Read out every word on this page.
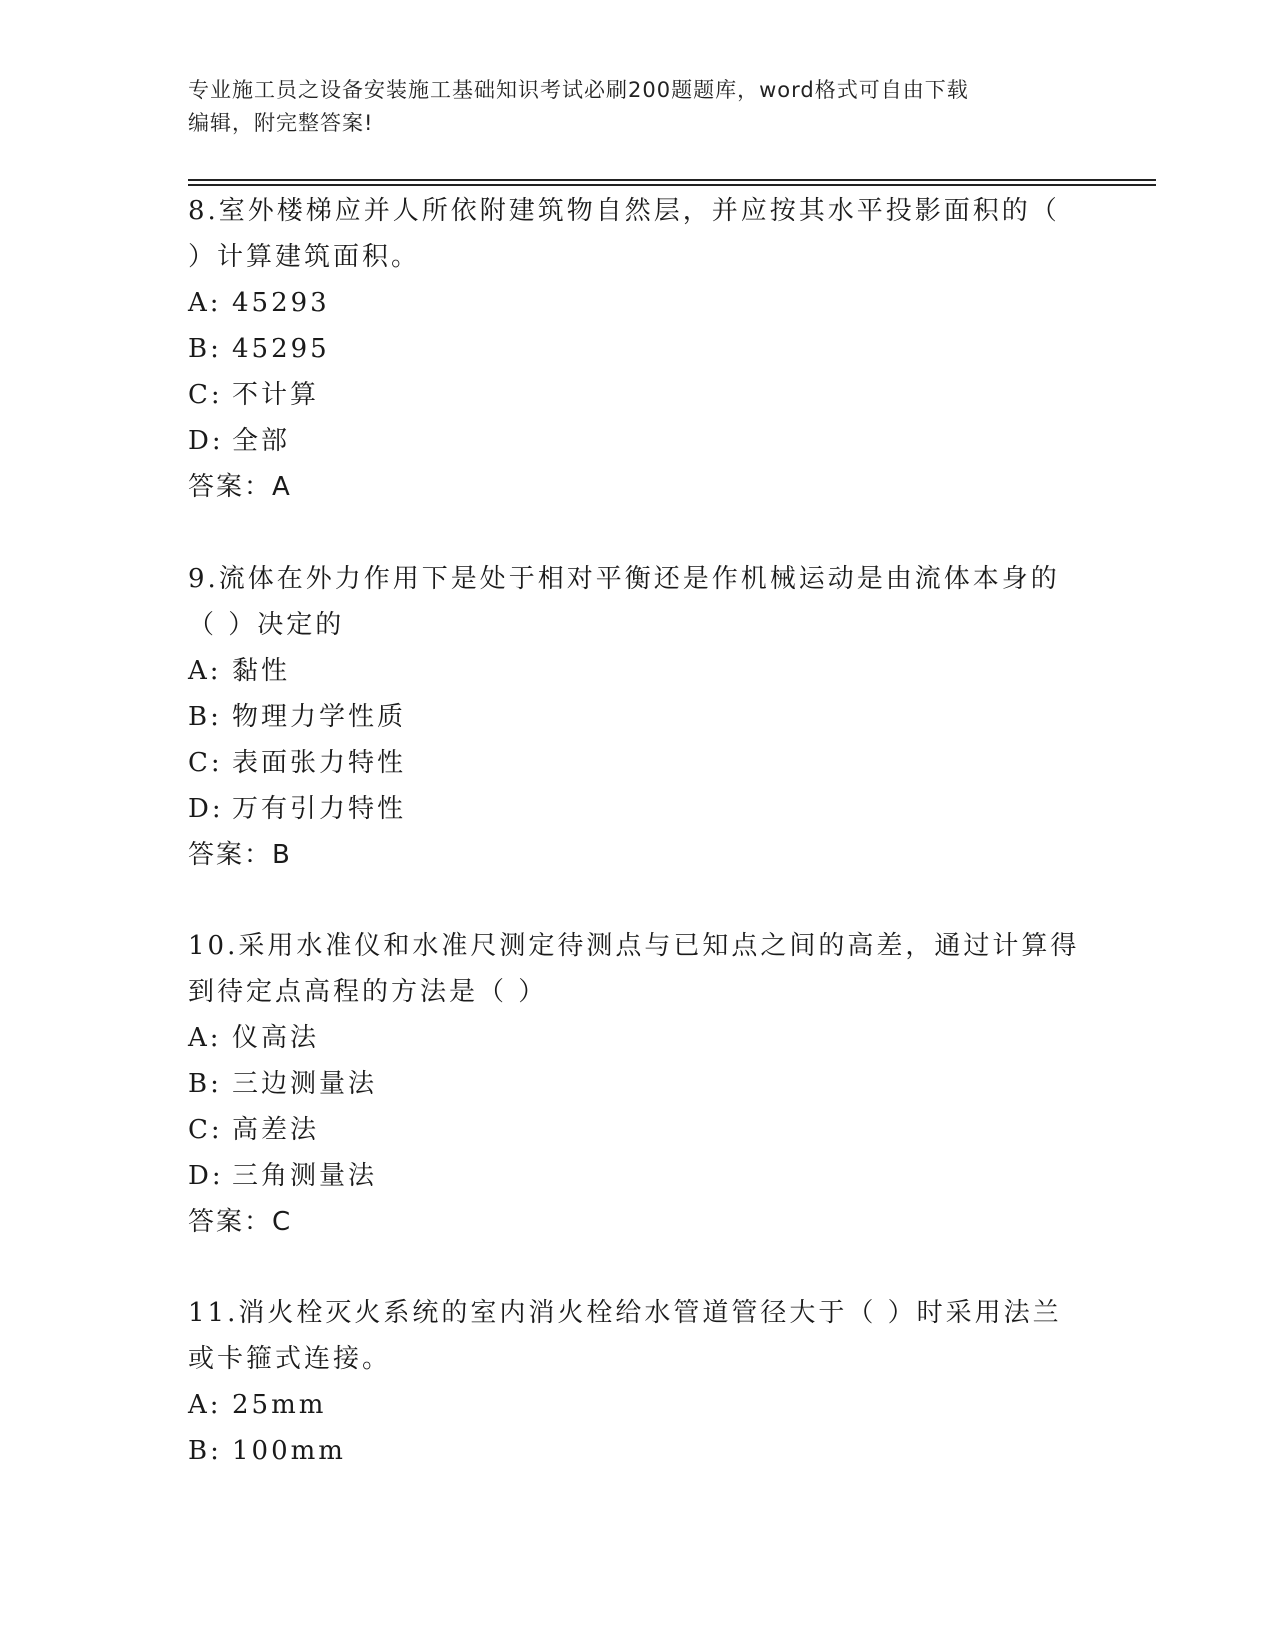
专业施工员之设备安装施工基础知识考试必刷200题题库，word格式可自由下载
编辑，附完整答案!
8.室外楼梯应并人所依附建筑物自然层，并应按其水平投影面积的（
）计算建筑面积。
A: 45293
B: 45295
C: 不计算
D: 全部
答案：A
9.流体在外力作用下是处于相对平衡还是作机械运动是由流体本身的
（ ）决定的
A: 黏性
B: 物理力学性质
C: 表面张力特性
D: 万有引力特性
答案：B
10.采用水准仪和水准尺测定待测点与已知点之间的高差，通过计算得
到待定点高程的方法是（ ）
A: 仪高法
B: 三边测量法
C: 高差法
D: 三角测量法
答案：C
11.消火栓灭火系统的室内消火栓给水管道管径大于（ ）时采用法兰
或卡箍式连接。
A: 25mm
B: 100mm
